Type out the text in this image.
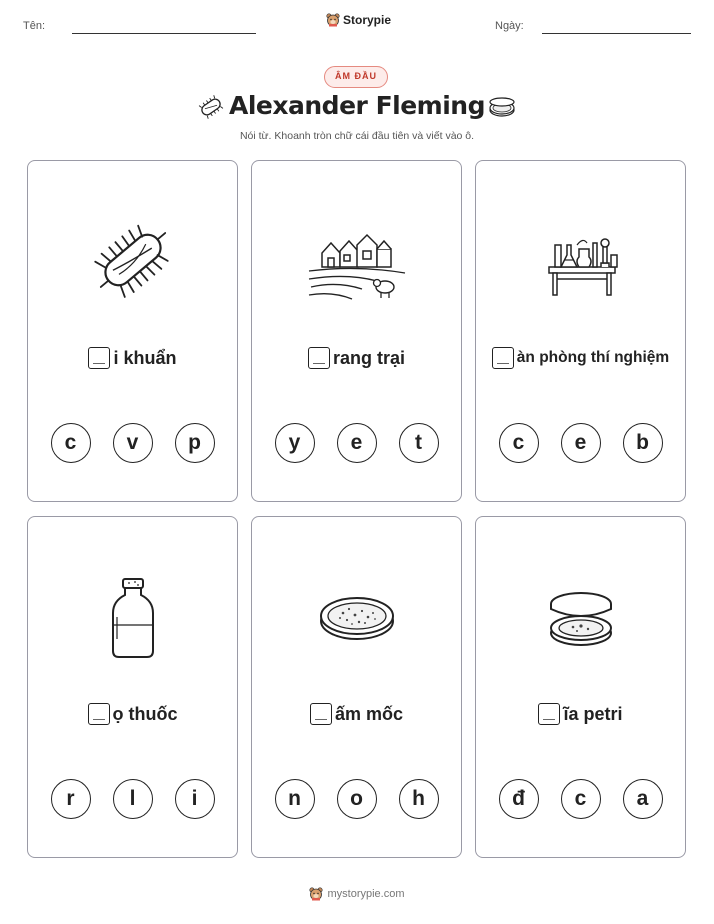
Tên:	Storypie	Ngày:
ÂM ĐẦU
Alexander Fleming
Nói từ. Khoanh tròn chữ cái đầu tiên và viết vào ô.
i khuẩn
c	v	p
rang trại
y	e	t
àn phòng thí nghiệm
c	e	b
ọ thuốc
r	l	i
ấm mốc
n	o	h
ĩa petri
đ	c	a
mystorypie.com
